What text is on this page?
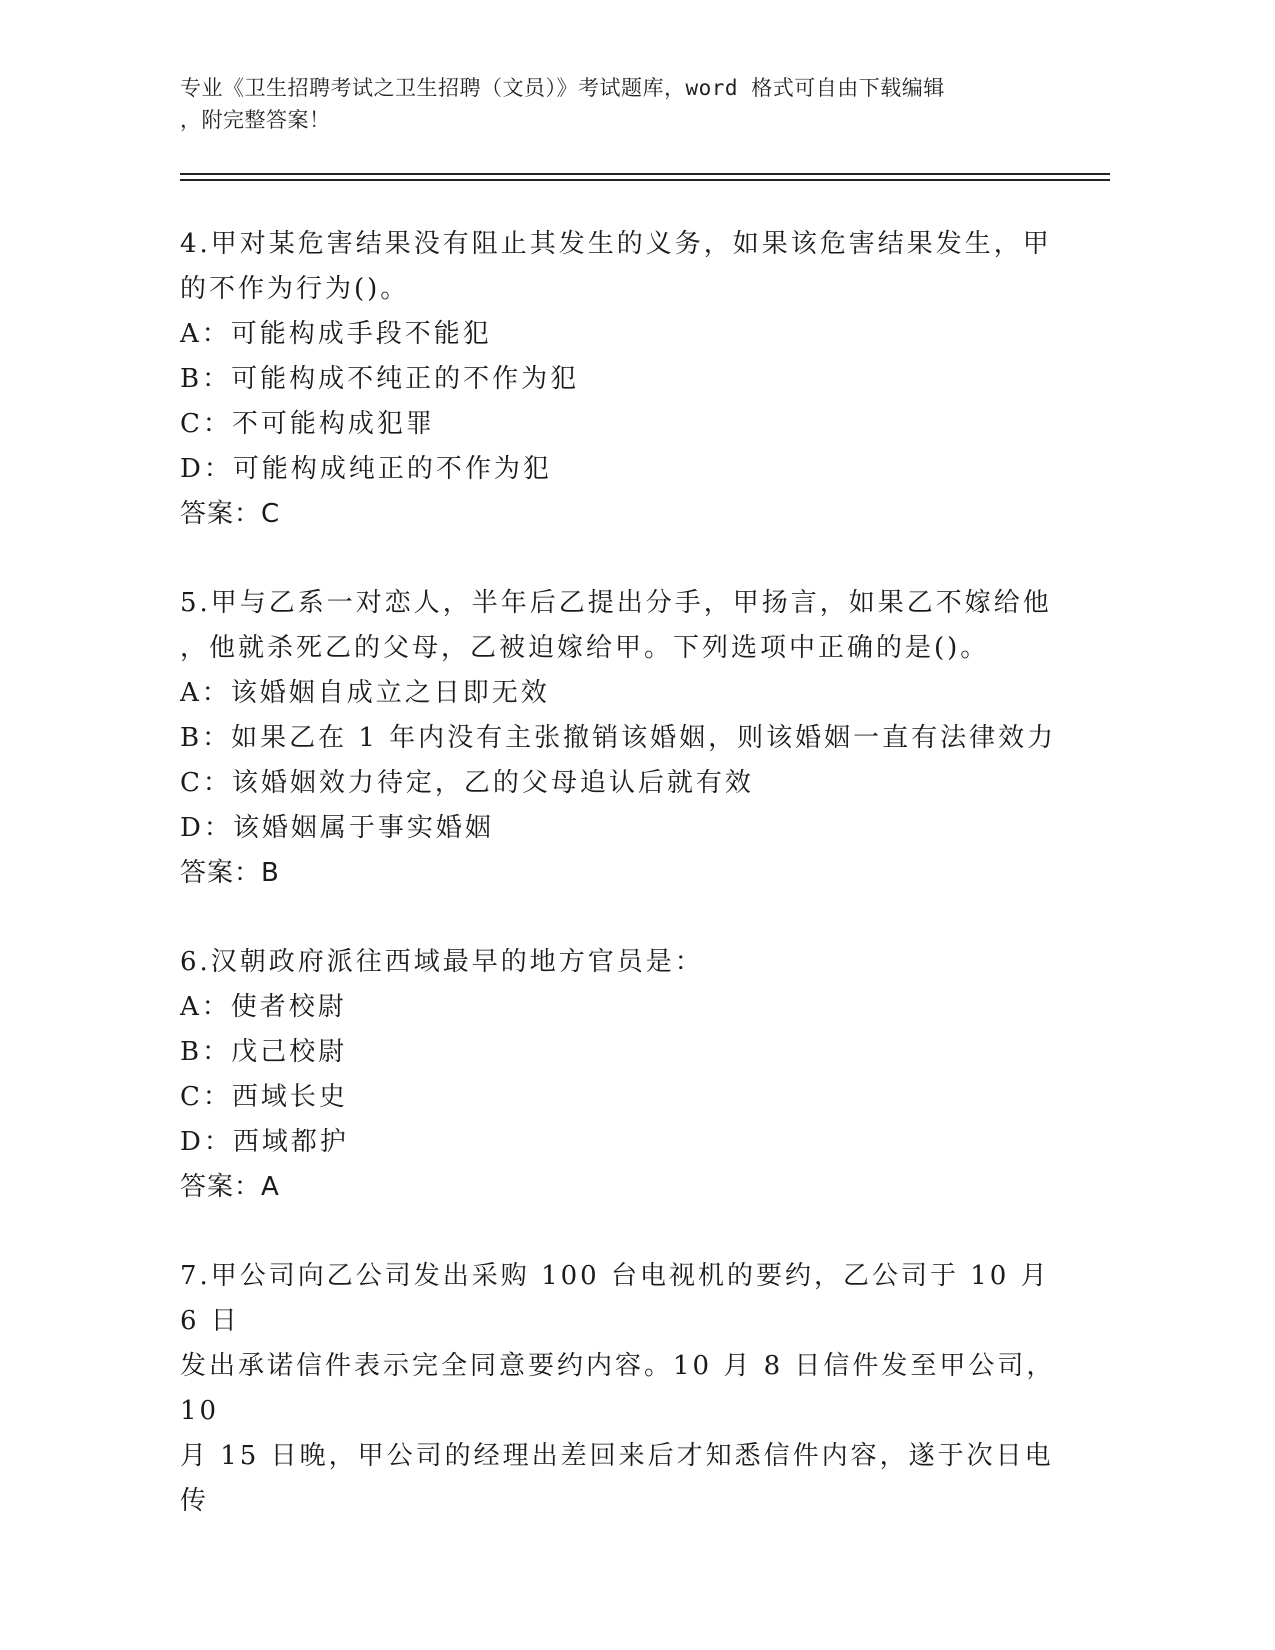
专业《卫生招聘考试之卫生招聘（文员）》考试题库，word 格式可自由下载编辑
，附完整答案！

4.甲对某危害结果没有阻止其发生的义务，如果该危害结果发生，甲

的不作为行为()。

A：可能构成手段不能犯

B：可能构成不纯正的不作为犯

C：不可能构成犯罪

D：可能构成纯正的不作为犯

答案：C

5.甲与乙系一对恋人，半年后乙提出分手，甲扬言，如果乙不嫁给他

，他就杀死乙的父母，乙被迫嫁给甲。下列选项中正确的是()。

A：该婚姻自成立之日即无效

B：如果乙在 1 年内没有主张撤销该婚姻，则该婚姻一直有法律效力

C：该婚姻效力待定，乙的父母追认后就有效

D：该婚姻属于事实婚姻

答案：B

6.汉朝政府派往西域最早的地方官员是：

A：使者校尉

B：戊己校尉

C：西域长史

D：西域都护

答案：A

7.甲公司向乙公司发出采购 100 台电视机的要约，乙公司于 10 月 6 日

发出承诺信件表示完全同意要约内容。10 月 8 日信件发至甲公司，10

月 15 日晚，甲公司的经理出差回来后才知悉信件内容，遂于次日电传
